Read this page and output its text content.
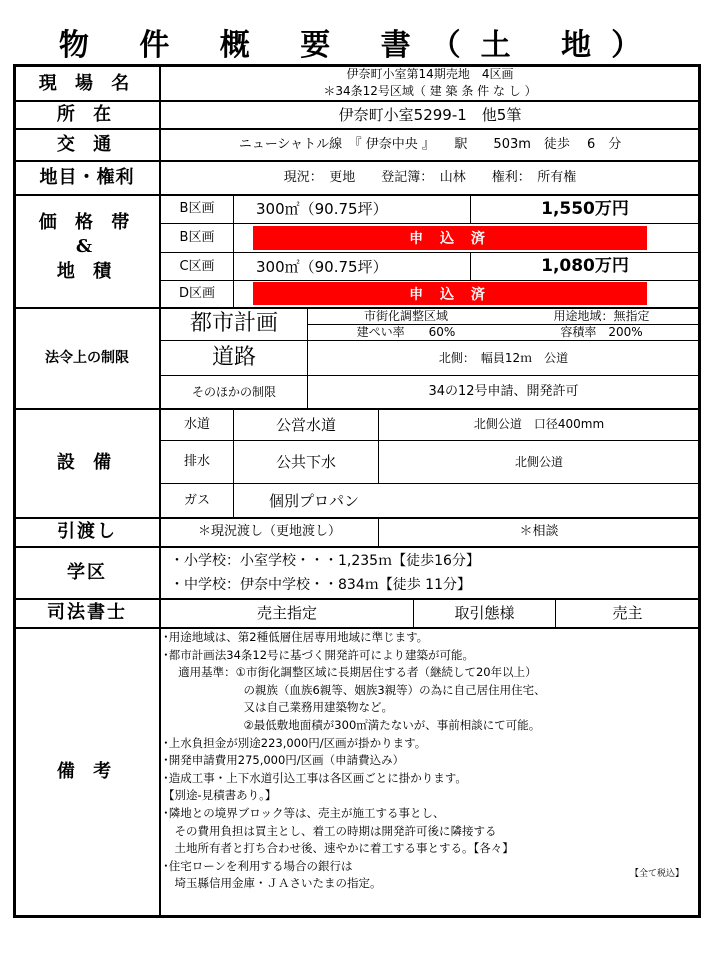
物 件 概 要 書（土 地）
現 場 名	伊奈町小室第14期売地　4区画
＊34条12号区域（ 建 築 条 件 な し ）
所 在	伊奈町小室5299-1　他5筆
交 通	ニューシャトル線　『 伊奈中央 』　　駅　　503m　徒歩　 6　分
地目・権利	現況：　更地　　登記簿：　山林　　権利：　所有権
価 格 帯
&
地 積
B区画	300㎡（90.75坪）	1,550万円
B区画	申 込 済
C区画	300㎡（90.75坪）	1,080万円
D区画	申 込 済
法令上の制限
都市計画	市街化調整区域	用途地域：無指定
建ぺい率　　60%	容積率　200%
道路	北側：　幅員12ｍ　公道
そのほかの制限	34の12号申請、開発許可
設 備
水道	公営水道	北側公道　口径400mm
排水	公共下水	北側公道
ガス	個別プロパン
引渡し	＊現況渡し（更地渡し）	＊相談
学区
・小学校：小室学校・・・1,235ｍ【徒歩16分】
・中学校：伊奈中学校・・834ｍ【徒歩 11分】
司法書士	売主指定	取引態様	売主
備 考
･用途地域は、第2種低層住居専用地域に準じます。
･都市計画法34条12号に基づく開発許可により建築が可能。
　 適用基準：①市街化調整区域に長期居住する者（継続して20年以上）
　　　　　　　の親族（血族6親等、姻族3親等）の為に自己居住用住宅、
　　　　　　　又は自己業務用建築物など。
　　　　　　　②最低敷地面積が300㎡満たないが、事前相談にて可能。
･上水負担金が別途223,000円/区画が掛かります。
･開発申請費用275,000円/区画（申請費込み）
･造成工事・上下水道引込工事は各区画ごとに掛かります。
【別途-見積書あり。】
･隣地との境界ブロック等は、売主が施工する事とし、
　その費用負担は買主とし、着工の時期は開発許可後に隣接する
　土地所有者と打ち合わせ後、速やかに着工する事とする。【各々】
･住宅ローンを利用する場合の銀行は
　埼玉縣信用金庫・ＪＡさいたまの指定。
【全て税込】
